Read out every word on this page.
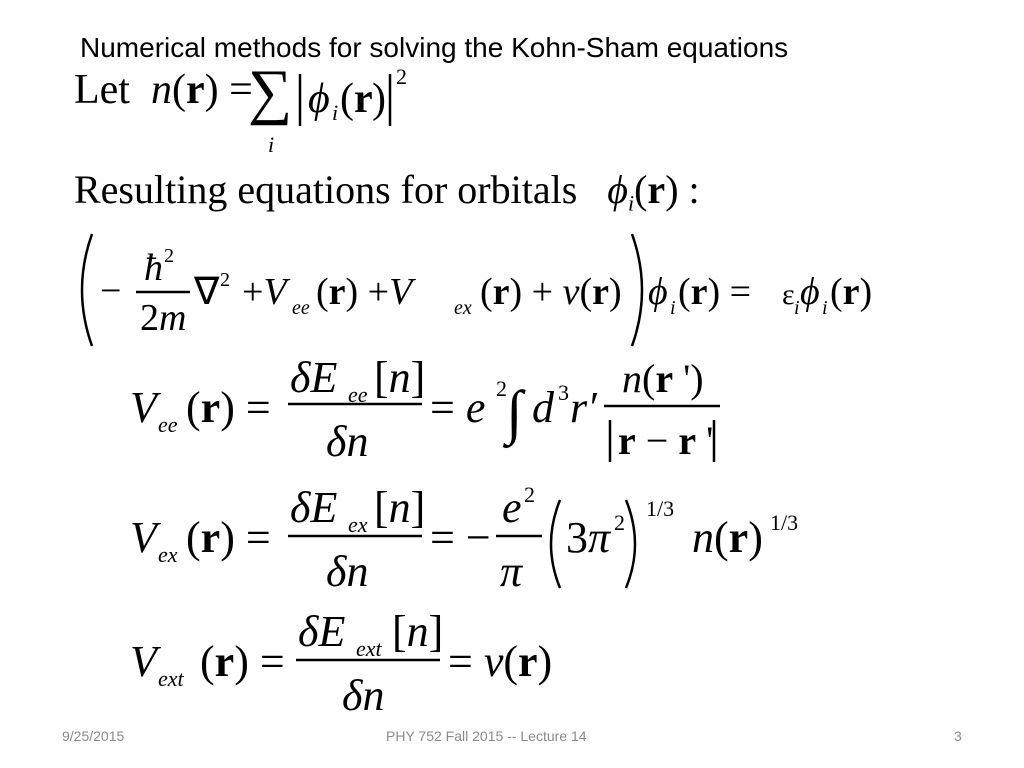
Numerical methods for solving the Kohn-Sham equations
Let  n(r) =
∑
i
ϕ i ( r ) 2
Resulting equations for orbitals   $\phi_i(r)$ :
−
ħ 2
2m
∇ 2 +V ee (r) +V ex (r) + v(r) ϕ i (r) = ε i ϕ i (r)
V ee (r) =
δE ee [n]
δn
= e 2 ∫ d 3 r′
n(r ')
r − r '
V ex (r) =
δE ex [n]
δn
= −
e 2
π
3π 2
1/3
n(r) 1/3
V ext (r) =
δE ext [n]
δn
= v(r)
9/25/2015	PHY 752 Fall 2015 -- Lecture 14	3
